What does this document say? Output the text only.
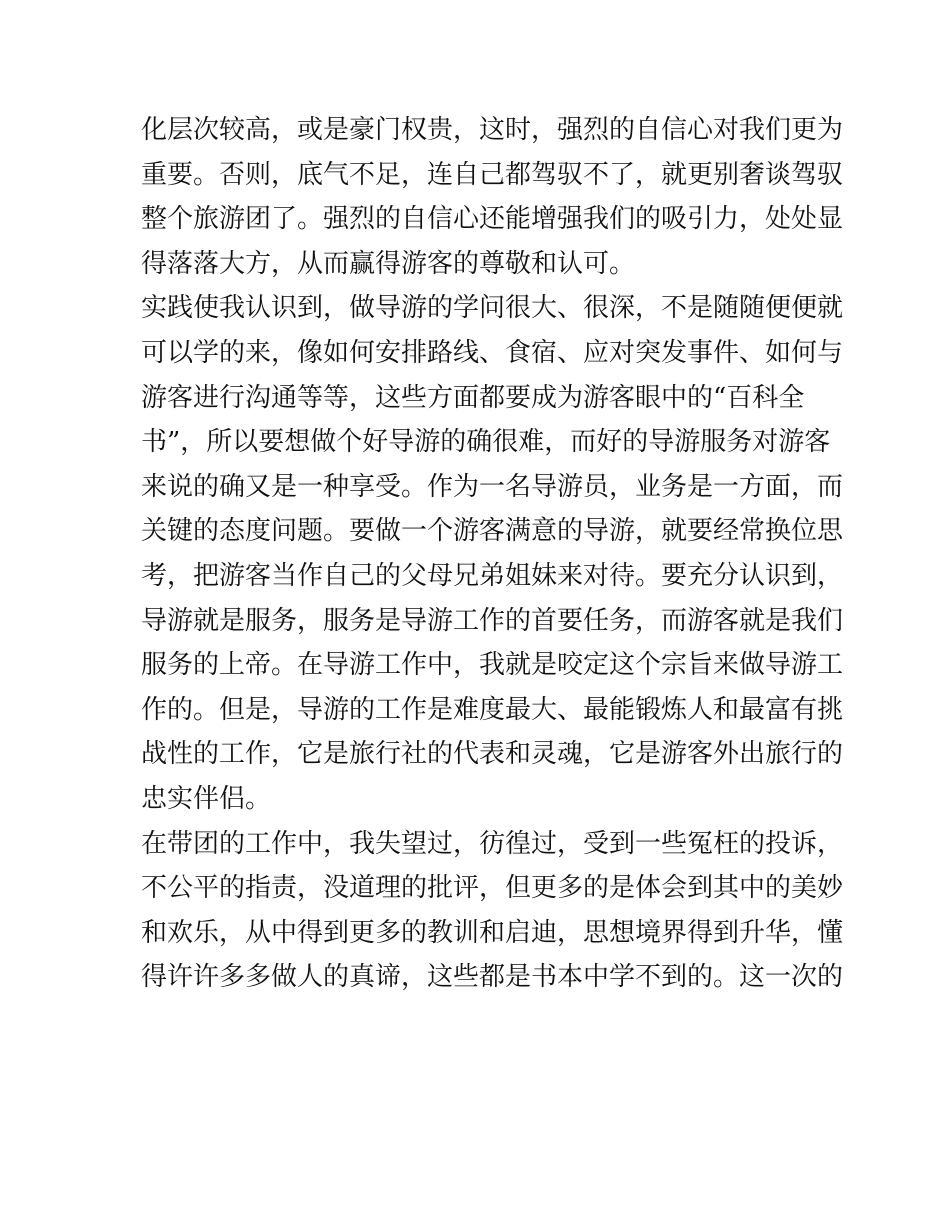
化层次较高，或是豪门权贵，这时，强烈的自信心对我们更为
重要。否则，底气不足，连自己都驾驭不了，就更别奢谈驾驭
整个旅游团了。强烈的自信心还能增强我们的吸引力，处处显
得落落大方，从而赢得游客的尊敬和认可。
实践使我认识到，做导游的学问很大、很深，不是随随便便就
可以学的来，像如何安排路线、食宿、应对突发事件、如何与
游客进行沟通等等，这些方面都要成为游客眼中的“百科全
书”，所以要想做个好导游的确很难，而好的导游服务对游客
来说的确又是一种享受。作为一名导游员，业务是一方面，而
关键的态度问题。要做一个游客满意的导游，就要经常换位思
考，把游客当作自己的父母兄弟姐妹来对待。要充分认识到，
导游就是服务，服务是导游工作的首要任务，而游客就是我们
服务的上帝。在导游工作中，我就是咬定这个宗旨来做导游工
作的。但是，导游的工作是难度最大、最能锻炼人和最富有挑
战性的工作，它是旅行社的代表和灵魂，它是游客外出旅行的
忠实伴侣。
在带团的工作中，我失望过，彷徨过，受到一些冤枉的投诉，
不公平的指责，没道理的批评，但更多的是体会到其中的美妙
和欢乐，从中得到更多的教训和启迪，思想境界得到升华，懂
得许许多多做人的真谛，这些都是书本中学不到的。这一次的
